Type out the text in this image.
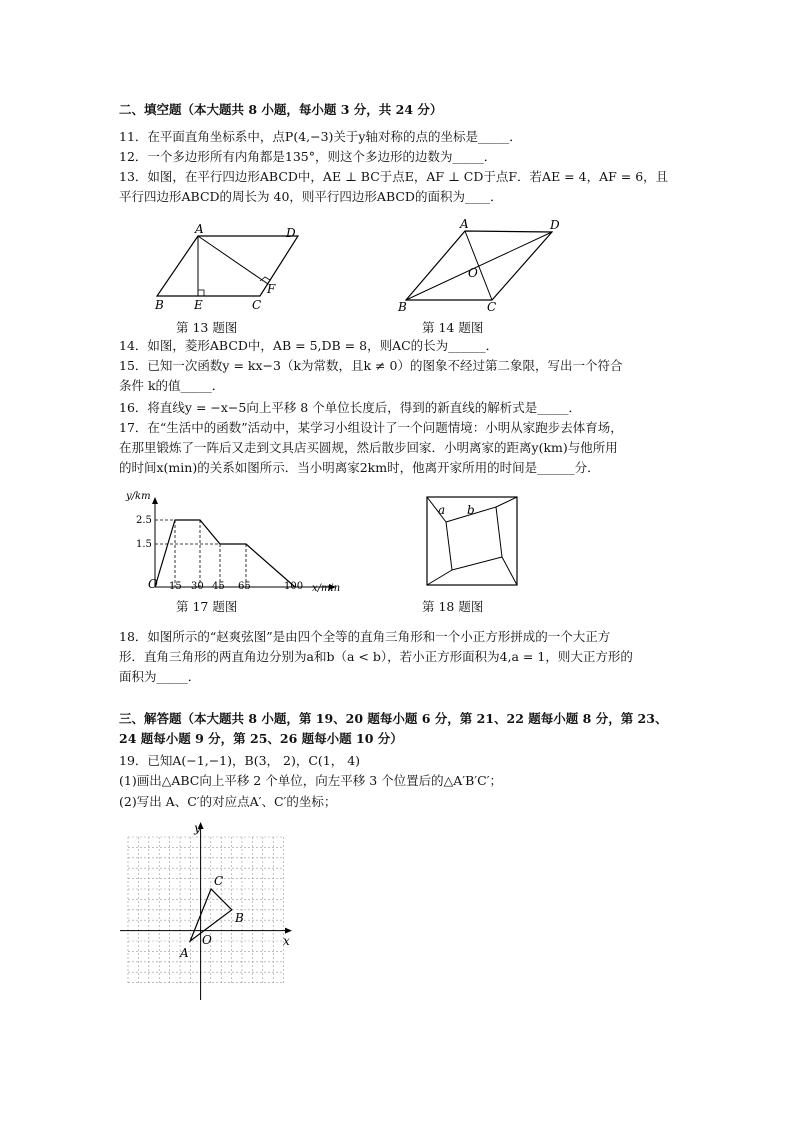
二、填空题（本大题共 8 小题，每小题 3 分，共 24 分）
11．在平面直角坐标系中，点P(4,−3)关于y轴对称的点的坐标是_____．
12．一个多边形所有内角都是135°，则这个多边形的边数为_____．
13．如图，在平行四边形ABCD中，AE ⊥ BC于点E，AF ⊥ CD于点F．若AE = 4，AF = 6，且
平行四边形ABCD的周长为 40，则平行四边形ABCD的面积为____．
A	D
B	E	C
F
A	D
O
B	C
第 13 题图	第 14 题图
14．如图，菱形ABCD中，AB = 5,DB = 8，则AC的长为______．
15．已知一次函数y = kx−3（k为常数，且k ≠ 0）的图象不经过第二象限，写出一个符合
条件 k的值_____．
16．将直线y = −x−5向上平移 8 个单位长度后，得到的新直线的解析式是_____．
17．在“生活中的函数”活动中，某学习小组设计了一个问题情境：小明从家跑步去体育场，
在那里锻炼了一阵后又走到文具店买圆规，然后散步回家．小明离家的距离y(km)与他所用
的时间x(min)的关系如图所示．当小明离家2km时，他离开家所用的时间是______分．
y/km
x/min
2.5
1.5
O 15 30 45 65	100
a b
第 17 题图	第 18 题图
18．如图所示的“赵爽弦图”是由四个全等的直角三角形和一个小正方形拼成的一个大正方
形．直角三角形的两直角边分别为a和b（a < b），若小正方形面积为4,a = 1，则大正方形的
面积为_____．
三、解答题（本大题共 8 小题，第 19、20 题每小题 6 分，第 21、22 题每小题 8 分，第 23、
24 题每小题 9 分，第 25、26 题每小题 10 分）
19．已知A(−1,−1)，B(3， 2)，C(1， 4)
(1)画出△ABC向上平移 2 个单位，向左平移 3 个位置后的△A′B′C′；
(2)写出 A、C′的对应点A′、C′的坐标；
y
x
O
A
B
C
